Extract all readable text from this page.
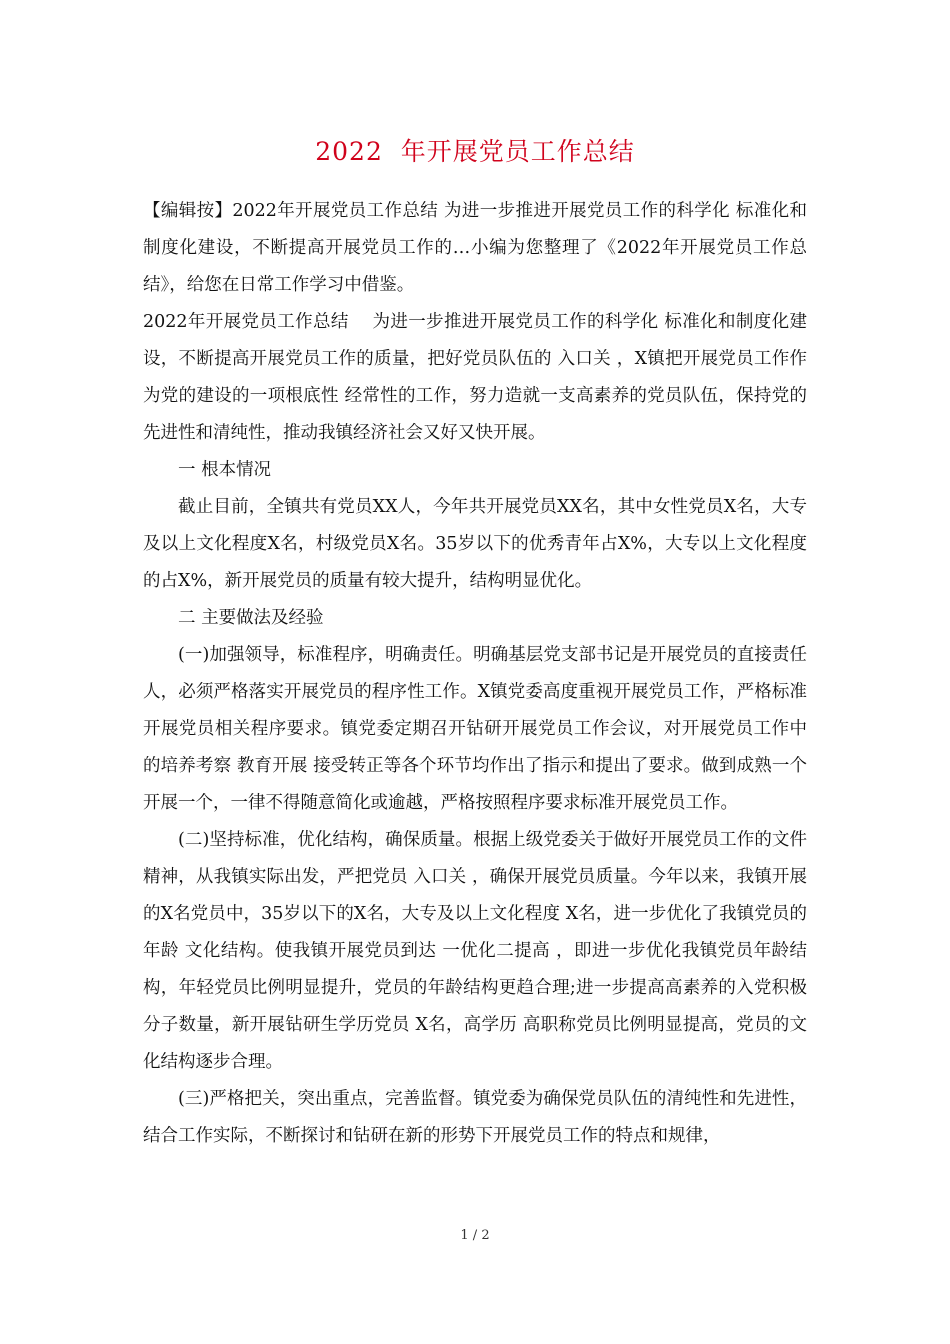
2022  年开展党员工作总结

【编辑按】2022年开展党员工作总结 为进一步推进开展党员工作的科学化 标准化和制度化建设，不断提高开展党员工作的…小编为您整理了《2022年开展党员工作总结》，给您在日常工作学习中借鉴。

2022年开展党员工作总结　 为进一步推进开展党员工作的科学化 标准化和制度化建设，不断提高开展党员工作的质量，把好党员队伍的 入口关 ，X镇把开展党员工作作为党的建设的一项根底性 经常性的工作，努力造就一支高素养的党员队伍，保持党的先进性和清纯性，推动我镇经济社会又好又快开展。

一 根本情况

截止目前，全镇共有党员XX人，今年共开展党员XX名，其中女性党员X名，大专及以上文化程度X名，村级党员X名。35岁以下的优秀青年占X%，大专以上文化程度的占X%，新开展党员的质量有较大提升，结构明显优化。

二 主要做法及经验

(一)加强领导，标准程序，明确责任。明确基层党支部书记是开展党员的直接责任人，必须严格落实开展党员的程序性工作。X镇党委高度重视开展党员工作，严格标准开展党员相关程序要求。镇党委定期召开钻研开展党员工作会议，对开展党员工作中的培养考察 教育开展 接受转正等各个环节均作出了指示和提出了要求。做到成熟一个 开展一个，一律不得随意简化或逾越，严格按照程序要求标准开展党员工作。

(二)坚持标准，优化结构，确保质量。根据上级党委关于做好开展党员工作的文件精神，从我镇实际出发，严把党员 入口关 ，确保开展党员质量。今年以来，我镇开展的X名党员中，35岁以下的X名，大专及以上文化程度 X名，进一步优化了我镇党员的年龄 文化结构。使我镇开展党员到达 一优化二提高 ，即进一步优化我镇党员年龄结构，年轻党员比例明显提升，党员的年龄结构更趋合理;进一步提高高素养的入党积极分子数量，新开展钻研生学历党员 X名，高学历 高职称党员比例明显提高，党员的文化结构逐步合理。

(三)严格把关，突出重点，完善监督。镇党委为确保党员队伍的清纯性和先进性，结合工作实际，不断探讨和钻研在新的形势下开展党员工作的特点和规律，

1 / 2
